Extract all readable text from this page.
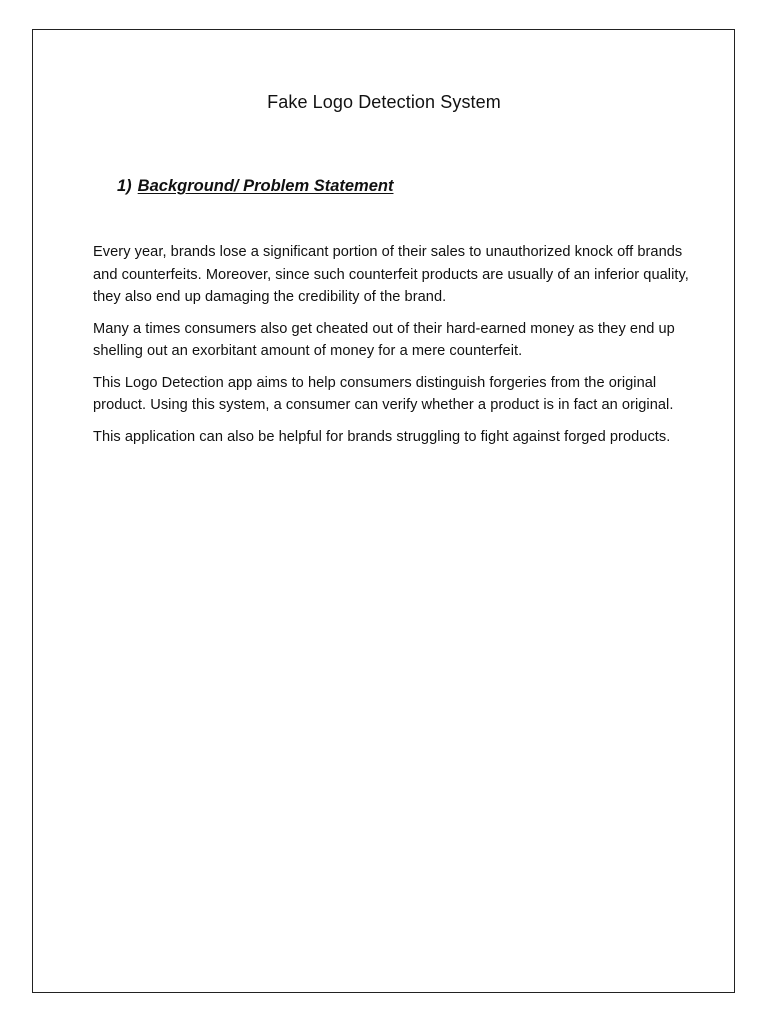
Fake Logo Detection System
1) Background/ Problem Statement

Every year, brands lose a significant portion of their sales to unauthorized knock off brands and counterfeits. Moreover, since such counterfeit products are usually of an inferior quality, they also end up damaging the credibility of the brand.

Many a times consumers also get cheated out of their hard-earned money as they end up shelling out an exorbitant amount of money for a mere counterfeit.

This Logo Detection app aims to help consumers distinguish forgeries from the original product. Using this system, a consumer can verify whether a product is in fact an original.

This application can also be helpful for brands struggling to fight against forged products.
